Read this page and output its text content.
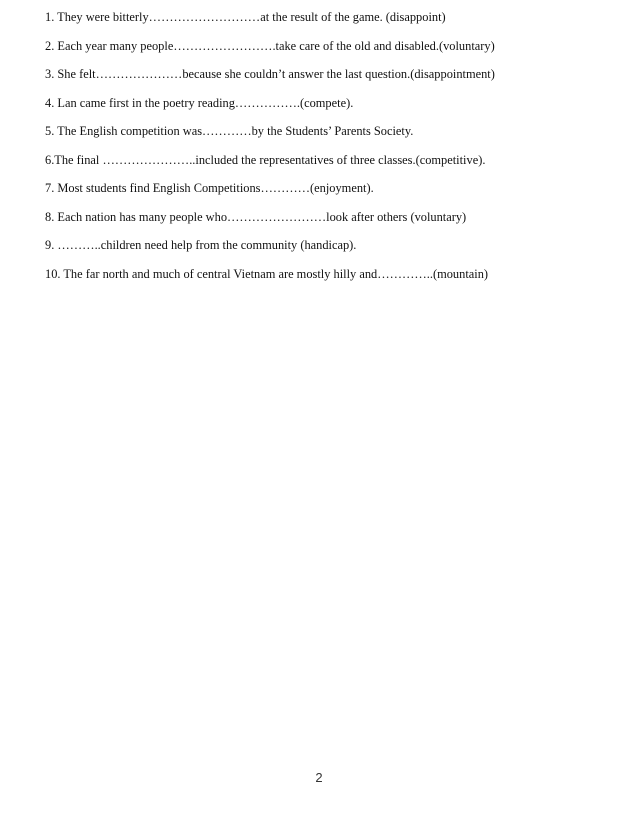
1. They were bitterly………………………at the result of the game. (disappoint)
2. Each year many people…………………….take care of the old and disabled.(voluntary)
3. She felt…………………because she couldn’t answer the last question.(disappointment)
4. Lan came first in the poetry reading…………….(compete).
5. The English competition was…………by the Students’ Parents Society.
6.The final …………………..included the representatives of three classes.(competitive).
7. Most students find English Competitions…………(enjoyment).
8. Each nation has many people who……………………look after others (voluntary)
9. ………..children need help from the community (handicap).
10. The far north and much of central Vietnam are mostly hilly and…………..(mountain)
2
